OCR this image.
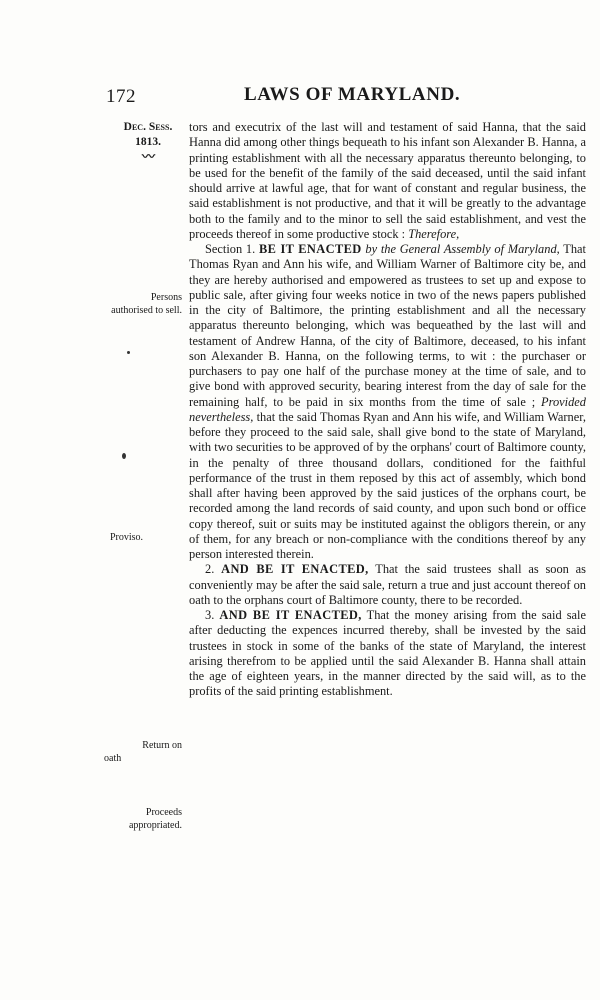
172	LAWS OF MARYLAND.
Dec. Sess.
1813.
〰
Persons authorised to sell.
Proviso.
Return on
oath
Proceeds appropriated.

tors and executrix of the last will and testament of said Hanna, that the said Hanna did among other things bequeath to his infant son Alexander B. Hanna, a printing establishment with all the necessary apparatus thereunto belonging, to be used for the benefit of the family of the said deceased, until the said infant should arrive at lawful age, that for want of constant and regular business, the said establishment is not productive, and that it will be greatly to the advantage both to the family and to the minor to sell the said establishment, and vest the proceeds thereof in some productive stock : Therefore,

Section 1. BE IT ENACTED by the General Assembly of Maryland, That Thomas Ryan and Ann his wife, and William Warner of Baltimore city be, and they are hereby authorised and empowered as trustees to set up and expose to public sale, after giving four weeks notice in two of the news papers published in the city of Baltimore, the printing establishment and all the necessary apparatus thereunto belonging, which was bequeathed by the last will and testament of Andrew Hanna, of the city of Baltimore, deceased, to his infant son Alexander B. Hanna, on the following terms, to wit : the purchaser or purchasers to pay one half of the purchase money at the time of sale, and to give bond with approved security, bearing interest from the day of sale for the remaining half, to be paid in six months from the time of sale ; Provided nevertheless, that the said Thomas Ryan and Ann his wife, and William Warner, before they proceed to the said sale, shall give bond to the state of Maryland, with two securities to be approved of by the orphans' court of Baltimore county, in the penalty of three thousand dollars, conditioned for the faithful performance of the trust in them reposed by this act of assembly, which bond shall after having been approved by the said justices of the orphans court, be recorded among the land records of said county, and upon such bond or office copy thereof, suit or suits may be instituted against the obligors therein, or any of them, for any breach or non-compliance with the conditions thereof by any person interested therein.

2. AND BE IT ENACTED, That the said trustees shall as soon as conveniently may be after the said sale, return a true and just account thereof on oath to the orphans court of Baltimore county, there to be recorded.

3. AND BE IT ENACTED, That the money arising from the said sale after deducting the expences incurred thereby, shall be invested by the said trustees in stock in some of the banks of the state of Maryland, the interest arising therefrom to be applied until the said Alexander B. Hanna shall attain the age of eighteen years, in the manner directed by the said will, as to the profits of the said printing establishment.
